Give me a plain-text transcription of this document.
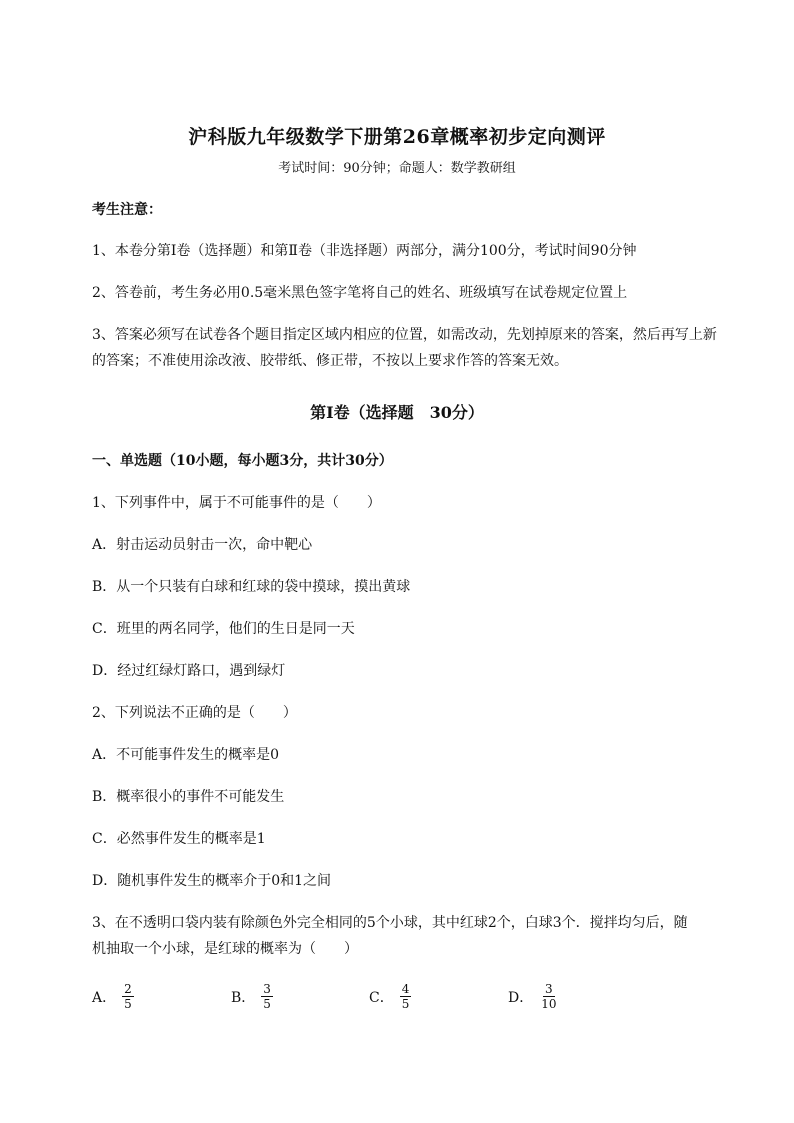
沪科版九年级数学下册第26章概率初步定向测评
考试时间：90分钟；命题人：数学教研组
考生注意：
1、本卷分第I卷（选择题）和第Ⅱ卷（非选择题）两部分，满分100分，考试时间90分钟
2、答卷前，考生务必用0.5毫米黑色签字笔将自己的姓名、班级填写在试卷规定位置上
3、答案必须写在试卷各个题目指定区域内相应的位置，如需改动，先划掉原来的答案，然后再写上新
的答案；不准使用涂改液、胶带纸、修正带，不按以上要求作答的答案无效。
第I卷（选择题　30分）
一、单选题（10小题，每小题3分，共计30分）
1、下列事件中，属于不可能事件的是（　　）
A．射击运动员射击一次，命中靶心
B．从一个只装有白球和红球的袋中摸球，摸出黄球
C．班里的两名同学，他们的生日是同一天
D．经过红绿灯路口，遇到绿灯
2、下列说法不正确的是（　　）
A．不可能事件发生的概率是0
B．概率很小的事件不可能发生
C．必然事件发生的概率是1
D．随机事件发生的概率介于0和1之间
3、在不透明口袋内装有除颜色外完全相同的5个小球，其中红球2个，白球3个．搅拌均匀后，随
机抽取一个小球，是红球的概率为（　　）
A． $\frac{2}{5}$	B． $\frac{3}{5}$	C． $\frac{4}{5}$	D． $\frac{3}{10}$
